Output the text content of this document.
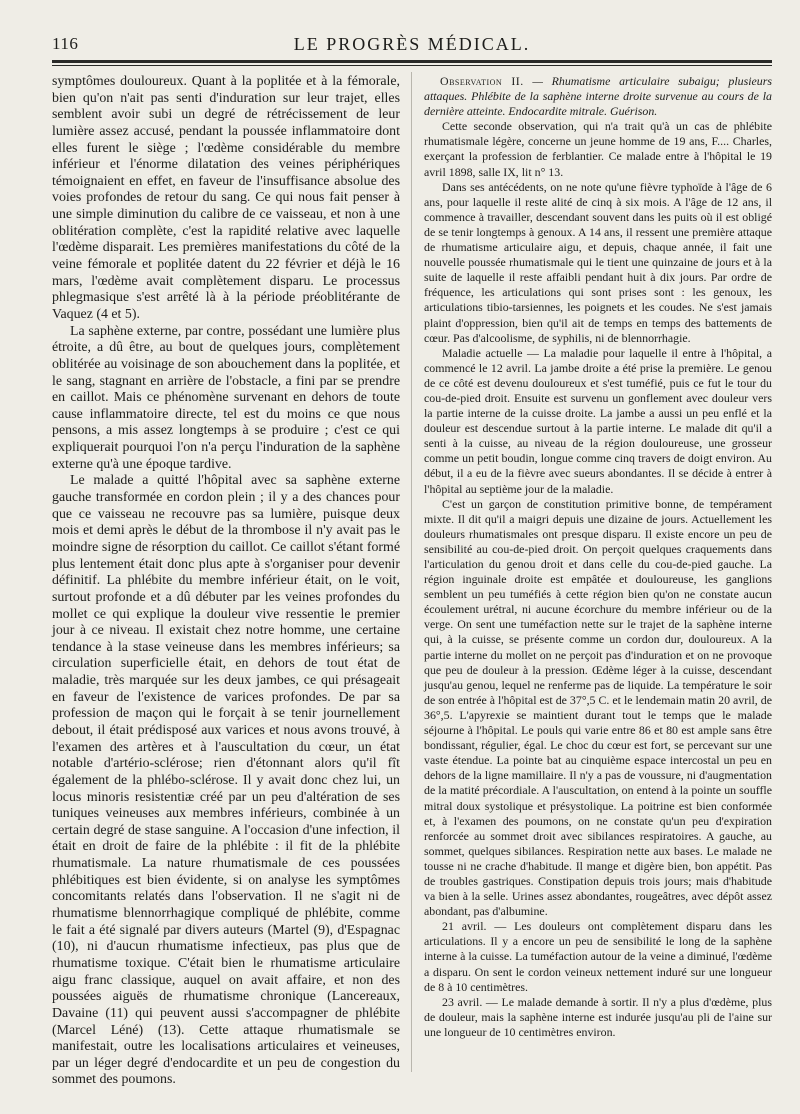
116	LE PROGRÈS MÉDICAL.

symptômes douloureux. Quant à la poplitée et à la fémorale, bien qu'on n'ait pas senti d'induration sur leur trajet, elles semblent avoir subi un degré de rétrécissement de leur lumière assez accusé, pendant la poussée inflammatoire dont elles furent le siège ; l'œdème considérable du membre inférieur et l'énorme dilatation des veines périphériques témoignaient en effet, en faveur de l'insuffisance absolue des voies profondes de retour du sang. Ce qui nous fait penser à une simple diminution du calibre de ce vaisseau, et non à une oblitération complète, c'est la rapidité relative avec laquelle l'œdème disparait. Les premières manifestations du côté de la veine fémorale et poplitée datent du 22 février et déjà le 16 mars, l'œdème avait complètement disparu. Le processus phlegmasique s'est arrêté là à la période préoblitérante de Vaquez (4 et 5).

La saphène externe, par contre, possédant une lumière plus étroite, a dû être, au bout de quelques jours, complètement oblitérée au voisinage de son abouchement dans la poplitée, et le sang, stagnant en arrière de l'obstacle, a fini par se prendre en caillot. Mais ce phénomène survenant en dehors de toute cause inflammatoire directe, tel est du moins ce que nous pensons, a mis assez longtemps à se produire ; c'est ce qui expliquerait pourquoi l'on n'a perçu l'induration de la saphène externe qu'à une époque tardive.

Le malade a quitté l'hôpital avec sa saphène externe gauche transformée en cordon plein ; il y a des chances pour que ce vaisseau ne recouvre pas sa lumière, puisque deux mois et demi après le début de la thrombose il n'y avait pas le moindre signe de résorption du caillot. Ce caillot s'étant formé plus lentement était donc plus apte à s'organiser pour devenir définitif. La phlébite du membre inférieur était, on le voit, surtout profonde et a dû débuter par les veines profondes du mollet ce qui explique la douleur vive ressentie le premier jour à ce niveau. Il existait chez notre homme, une certaine tendance à la stase veineuse dans les membres inférieurs; sa circulation superficielle était, en dehors de tout état de maladie, très marquée sur les deux jambes, ce qui présageait en faveur de l'existence de varices profondes. De par sa profession de maçon qui le forçait à se tenir journellement debout, il était prédisposé aux varices et nous avons trouvé, à l'examen des artères et à l'auscultation du cœur, un état notable d'artério-sclérose; rien d'étonnant alors qu'il fît également de la phlébo-sclérose. Il y avait donc chez lui, un locus minoris resistentiæ créé par un peu d'altération de ses tuniques veineuses aux membres inférieurs, combinée à un certain degré de stase sanguine. A l'occasion d'une infection, il était en droit de faire de la phlébite : il fit de la phlébite rhumatismale. La nature rhumatismale de ces poussées phlébitiques est bien évidente, si on analyse les symptômes concomitants relatés dans l'observation. Il ne s'agit ni de rhumatisme blennorrhagique compliqué de phlébite, comme le fait a été signalé par divers auteurs (Martel (9), d'Espagnac (10), ni d'aucun rhumatisme infectieux, pas plus que de rhumatisme toxique. C'était bien le rhumatisme articulaire aigu franc classique, auquel on avait affaire, et non des poussées aiguës de rhumatisme chronique (Lancereaux, Davaine (11) qui peuvent aussi s'accompagner de phlébite (Marcel Léné) (13). Cette attaque rhumatismale se manifestait, outre les localisations articulaires et veineuses, par un léger degré d'endocardite et un peu de congestion du sommet des poumons.

Observation II. — Rhumatisme articulaire subaigu; plusieurs attaques. Phlébite de la saphène interne droite survenue au cours de la dernière atteinte. Endocardite mitrale. Guérison.

Cette seconde observation, qui n'a trait qu'à un cas de phlébite rhumatismale légère, concerne un jeune homme de 19 ans, F.... Charles, exerçant la profession de ferblantier. Ce malade entre à l'hôpital le 19 avril 1898, salle IX, lit n° 13.

Dans ses antécédents, on ne note qu'une fièvre typhoïde à l'âge de 6 ans, pour laquelle il reste alité de cinq à six mois. A l'âge de 12 ans, il commence à travailler, descendant souvent dans les puits où il est obligé de se tenir longtemps à genoux. A 14 ans, il ressent une première attaque de rhumatisme articulaire aigu, et depuis, chaque année, il fait une nouvelle poussée rhumatismale qui le tient une quinzaine de jours et à la suite de laquelle il reste affaibli pendant huit à dix jours. Par ordre de fréquence, les articulations qui sont prises sont : les genoux, les articulations tibio-tarsiennes, les poignets et les coudes. Ne s'est jamais plaint d'oppression, bien qu'il ait de temps en temps des battements de cœur. Pas d'alcoolisme, de syphilis, ni de blennorrhagie.

Maladie actuelle — La maladie pour laquelle il entre à l'hôpital, a commencé le 12 avril. La jambe droite a été prise la première. Le genou de ce côté est devenu douloureux et s'est tuméfié, puis ce fut le tour du cou-de-pied droit. Ensuite est survenu un gonflement avec douleur vers la partie interne de la cuisse droite. La jambe a aussi un peu enflé et la douleur est descendue surtout à la partie interne. Le malade dit qu'il a senti à la cuisse, au niveau de la région douloureuse, une grosseur comme un petit boudin, longue comme cinq travers de doigt environ. Au début, il a eu de la fièvre avec sueurs abondantes. Il se décide à entrer à l'hôpital au septième jour de la maladie.

C'est un garçon de constitution primitive bonne, de tempérament mixte. Il dit qu'il a maigri depuis une dizaine de jours. Actuellement les douleurs rhumatismales ont presque disparu. Il existe encore un peu de sensibilité au cou-de-pied droit. On perçoit quelques craquements dans l'articulation du genou droit et dans celle du cou-de-pied gauche. La région inguinale droite est empâtée et douloureuse, les ganglions semblent un peu tuméfiés à cette région bien qu'on ne constate aucun écoulement urétral, ni aucune écorchure du membre inférieur ou de la verge. On sent une tuméfaction nette sur le trajet de la saphène interne qui, à la cuisse, se présente comme un cordon dur, douloureux. A la partie interne du mollet on ne perçoit pas d'induration et on ne provoque que peu de douleur à la pression. Œdème léger à la cuisse, descendant jusqu'au genou, lequel ne renferme pas de liquide. La température le soir de son entrée à l'hôpital est de 37°,5 C. et le lendemain matin 20 avril, de 36°,5. L'apyrexie se maintient durant tout le temps que le malade séjourne à l'hôpital. Le pouls qui varie entre 86 et 80 est ample sans être bondissant, régulier, égal. Le choc du cœur est fort, se percevant sur une vaste étendue. La pointe bat au cinquième espace intercostal un peu en dehors de la ligne mamillaire. Il n'y a pas de voussure, ni d'augmentation de la matité précordiale. A l'auscultation, on entend à la pointe un souffle mitral doux systolique et présystolique. La poitrine est bien conformée et, à l'examen des poumons, on ne constate qu'un peu d'expiration renforcée au sommet droit avec sibilances respiratoires. A gauche, au sommet, quelques sibilances. Respiration nette aux bases. Le malade ne tousse ni ne crache d'habitude. Il mange et digère bien, bon appétit. Pas de troubles gastriques. Constipation depuis trois jours; mais d'habitude va bien à la selle. Urines assez abondantes, rougeâtres, avec dépôt assez abondant, pas d'albumine.

21 avril. — Les douleurs ont complètement disparu dans les articulations. Il y a encore un peu de sensibilité le long de la saphène interne à la cuisse. La tuméfaction autour de la veine a diminué, l'œdème a disparu. On sent le cordon veineux nettement induré sur une longueur de 8 à 10 centimètres.

23 avril. — Le malade demande à sortir. Il n'y a plus d'œdème, plus de douleur, mais la saphène interne est indurée jusqu'au pli de l'aine sur une longueur de 10 centimètres environ.
